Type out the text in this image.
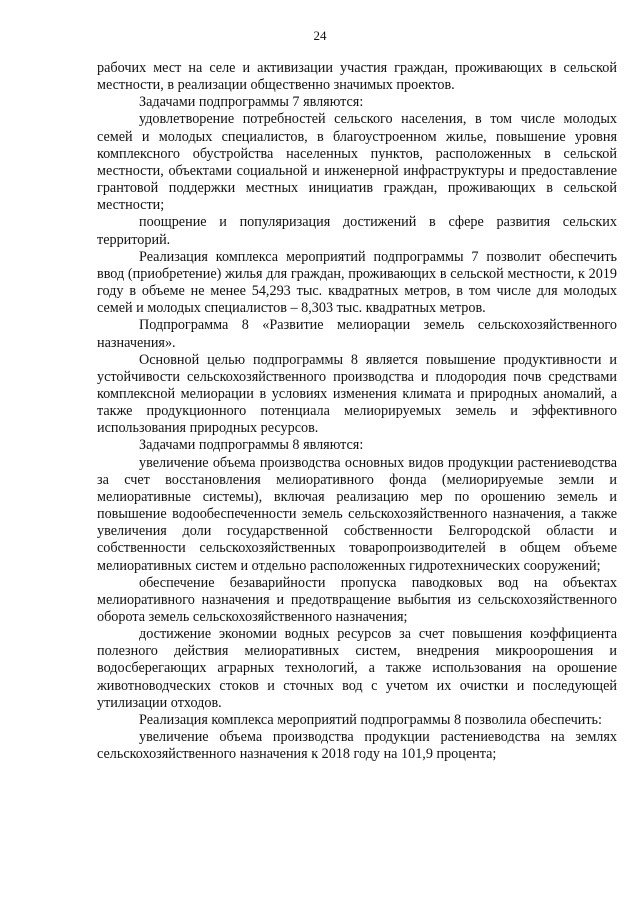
24

рабочих мест на селе и активизации участия граждан, проживающих в сельской местности, в реализации общественно значимых проектов.

Задачами подпрограммы 7 являются:

удовлетворение потребностей сельского населения, в том числе молодых семей и молодых специалистов, в благоустроенном жилье, повышение уровня комплексного обустройства населенных пунктов, расположенных в сельской местности, объектами социальной и инженерной инфраструктуры и предоставление грантовой поддержки местных инициатив граждан, проживающих в сельской местности;

поощрение и популяризация достижений в сфере развития сельских территорий.

Реализация комплекса мероприятий подпрограммы 7 позволит обеспечить ввод (приобретение) жилья для граждан, проживающих в сельской местности, к 2019 году в объеме не менее 54,293 тыс. квадратных метров, в том числе для молодых семей и молодых специалистов – 8,303 тыс. квадратных метров.

Подпрограмма 8 «Развитие мелиорации земель сельскохозяйственного назначения».

Основной целью подпрограммы 8 является повышение продуктивности и устойчивости сельскохозяйственного производства и плодородия почв средствами комплексной мелиорации в условиях изменения климата и природных аномалий, а также продукционного потенциала мелиорируемых земель и эффективного использования природных ресурсов.

Задачами подпрограммы 8 являются:

увеличение объема производства основных видов продукции растениеводства за счет восстановления мелиоративного фонда (мелиорируемые земли и мелиоративные системы), включая реализацию мер по орошению земель и повышение водообеспеченности земель сельскохозяйственного назначения, а также увеличения доли государственной собственности Белгородской области и собственности сельскохозяйственных товаропроизводителей в общем объеме мелиоративных систем и отдельно расположенных гидротехнических сооружений;

обеспечение безаварийности пропуска паводковых вод на объектах мелиоративного назначения и предотвращение выбытия из сельскохозяйственного оборота земель сельскохозяйственного назначения;

достижение экономии водных ресурсов за счет повышения коэффициента полезного действия мелиоративных систем, внедрения микроорошения и водосберегающих аграрных технологий, а также использования на орошение животноводческих стоков и сточных вод с учетом их очистки и последующей утилизации отходов.

Реализация комплекса мероприятий подпрограммы 8 позволила обеспечить:

увеличение объема производства продукции растениеводства на землях сельскохозяйственного назначения к 2018 году на 101,9 процента;
